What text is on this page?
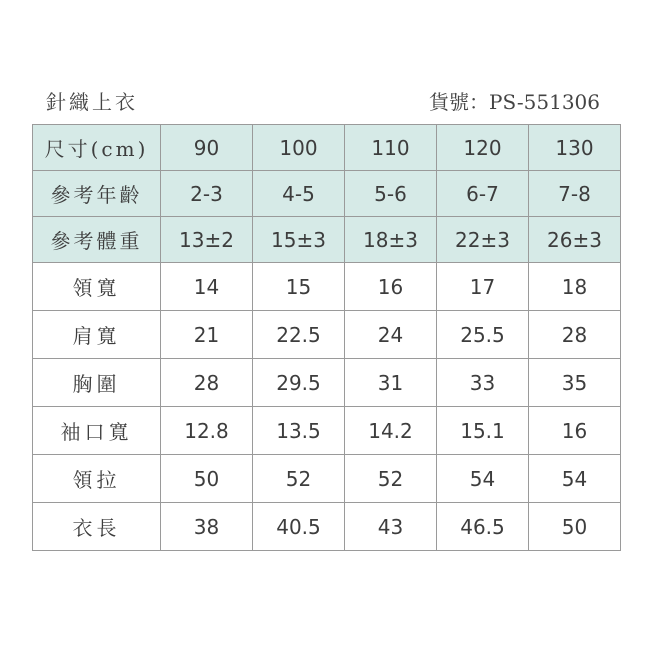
針織上衣	貨號：PS-551306
尺寸(cm)	90	100	110	120	130
參考年齡	2-3	4-5	5-6	6-7	7-8
參考體重	13±2	15±3	18±3	22±3	26±3
領寬	14	15	16	17	18
肩寬	21	22.5	24	25.5	28
胸圍	28	29.5	31	33	35
袖口寬	12.8	13.5	14.2	15.1	16
領拉	50	52	52	54	54
衣長	38	40.5	43	46.5	50
